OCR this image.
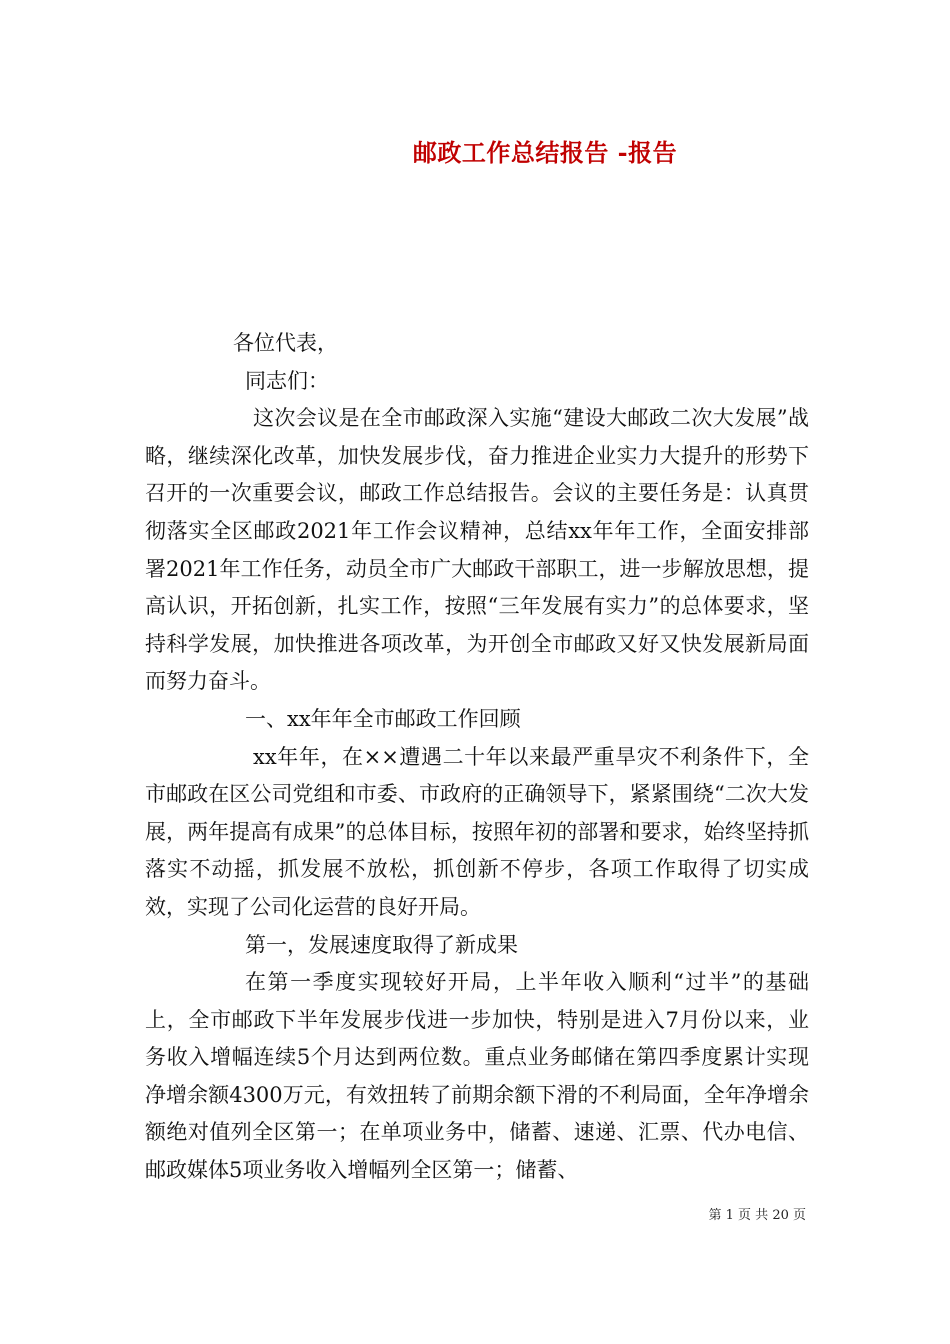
邮政工作总结报告 -报告

各位代表，

同志们：

这次会议是在全市邮政深入实施“建设大邮政二次大发展”战略，继续深化改革，加快发展步伐，奋力推进企业实力大提升的形势下召开的一次重要会议，邮政工作总结报告。会议的主要任务是：认真贯彻落实全区邮政2021年工作会议精神，总结xx年年工作，全面安排部署2021年工作任务，动员全市广大邮政干部职工，进一步解放思想，提高认识，开拓创新，扎实工作，按照“三年发展有实力”的总体要求，坚持科学发展，加快推进各项改革，为开创全市邮政又好又快发展新局面而努力奋斗。

一、xx年年全市邮政工作回顾

xx年年，在××遭遇二十年以来最严重旱灾不利条件下，全市邮政在区公司党组和市委、市政府的正确领导下，紧紧围绕“二次大发展，两年提高有成果”的总体目标，按照年初的部署和要求，始终坚持抓落实不动摇，抓发展不放松，抓创新不停步，各项工作取得了切实成效，实现了公司化运营的良好开局。

第一，发展速度取得了新成果

在第一季度实现较好开局，上半年收入顺利“过半”的基础上，全市邮政下半年发展步伐进一步加快，特别是进入7月份以来，业务收入增幅连续5个月达到两位数。重点业务邮储在第四季度累计实现净增余额4300万元，有效扭转了前期余额下滑的不利局面，全年净增余额绝对值列全区第一；在单项业务中，储蓄、速递、汇票、代办电信、邮政媒体5项业务收入增幅列全区第一；储蓄、

第 1 页 共 20 页
